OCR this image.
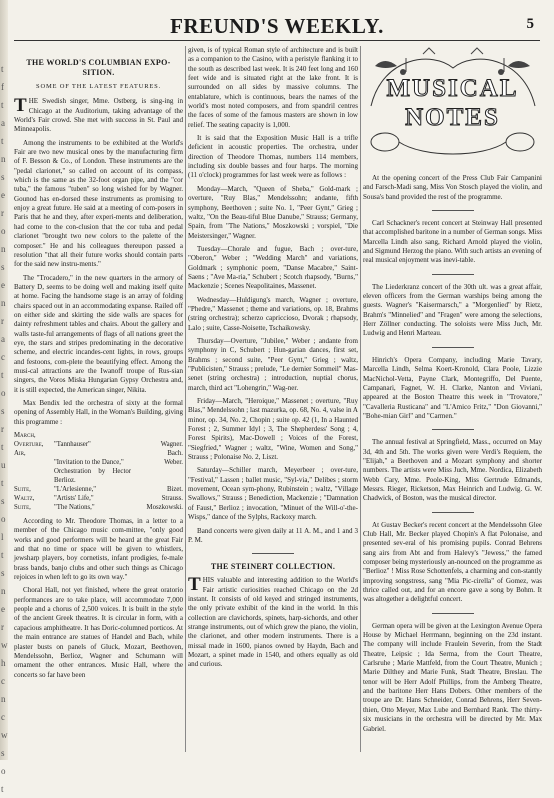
t
f
t
a
t
n
s
e
r
o
n
s
e
n
r
a
c
t
o
s
r
t
u
t
s
o
l
t
s
n
e
r
w
h
c
n
c
w
s
o
t
FREUND'S WEEKLY.	5
THE WORLD'S COLUMBIAN EXPO-SITION.
SOME OF THE LATEST FEATURES.

THE Swedish singer, Mme. Ostberg, is sing-ing in Chicago at the Auditorium, taking advantage of the World's Fair crowd. She met with success in St. Paul and Minneapolis.

Among the instruments to be exhibited at the World's Fair are two new musical ones by the manufacturing firm of F. Besson & Co., of London. These instruments are the "pedal clarionet," so called on account of its compass, which is the same as the 32-foot organ pipe, and the "cor tuba," the famous "tuben" so long wished for by Wagner. Gounod has en-dorsed these instruments as promising to enjoy a great future. He said at a meeting of com-posers in Paris that he and they, after experi-ments and deliberation, had come to the con-clusion that the cor tuba and pedal clarionet "brought two new colors to the palette of the composer." He and his colleagues thereupon passed a resolution "that all their future works should contain parts for the said new instru-ments."

The "Trocadero," in the new quarters in the armory of Battery D, seems to be doing well and making itself quite at home. Facing the handsome stage is an array of folding chairs spaced out in an accommodating expanse. Railed off on either side and skirting the side walls are spaces for dainty refreshment tables and chairs. About the gallery and walls taste-ful arrangements of flags of all nations greet the eye, the stars and stripes predominating in the decorative scheme, and electric incandes-cent lights, in rows, groups and festoons, com-plete the beautifying effect. Among the musi-cal attractions are the Iwanoff troupe of Rus-sian singers, the Voros Miska Hungarian Gypsy Orchestra and, it is still expected, the American singer, Nikita.

Max Bendix led the orchestra of sixty at the formal opening of Assembly Hall, in the Woman's Building, giving this programme :

March,		
Overture,	"Tannhauser"	Wagner.
Air,		Bach.
	"Invitation to the Dance,"	Weber.
	Orchestration by Hector Berlioz.	
Suite,	"L'Arlesienne,"	Bizet.
Waltz,	"Artists' Life,"	Strauss.
Suite,	"The Nations,"	Moszkowski.

According to Mr. Theodore Thomas, in a letter to a member of the Chicago music com-mittee, "only good works and good performers will be heard at the great Fair and that no time or space will be given to whistlers, jewsharp players, boy cornetists, infant prodigies, fe-male brass bands, banjo clubs and other such things as Chicago rejoices in when left to go its own way."

Choral Hall, not yet finished, where the great oratorio performances are to take place, will accommodate 7,000 people and a chorus of 2,500 voices. It is built in the style of the ancient Greek theatres. It is circular in form, with a capacious amphitheatre. It has Doric-columned porticos. At the main entrance are statues of Handel and Bach, while plaster busts on panels of Gluck, Mozart, Beethoven, Mendelssohn, Berlioz, Wagner and Schumann will ornament the other entrances. Music Hall, where the concerts so far have been

given, is of typical Roman style of architecture and is built as a companion to the Casino, with a peristyle flanking it to the south as described last week. It is 240 feet long and 160 feet wide and is situated right at the lake front. It is surrounded on all sides by massive columns. The entablature, which is continuous, bears the names of the world's most noted composers, and from spandril centres the faces of some of the famous masters are shown in low relief. The seating capacity is 1,000.

It is said that the Exposition Music Hall is a trifle deficient in acoustic properties. The orchestra, under direction of Theodore Thomas, numbers 114 members, including six double basses and four harps. The morning (11 o'clock) programmes for last week were as follows :

Monday—March, "Queen of Sheba," Gold-mark ; overture, "Ruy Blas," Mendelssohn; andante, fifth symphony, Beethoven ; suite No. 1, "Peer Gynt," Grieg ; waltz, "On the Beau-tiful Blue Danube," Strauss; Germany, Spain, from "The Nations," Moszkowski ; vorspiel, "Die Meistersinger," Wagner.

Tuesday—Chorale and fugue, Bach ; over-ture, "Oberon," Weber ; "Wedding March" and variations, Goldmark ; symphonic poem, "Danse Macabre," Saint-Saens ; "Ave Ma-ria," Schubert ; Scotch rhapsody, "Burns," Mackenzie ; Scenes Neapolitaines, Massenet.

Wednesday—Huldigung's march, Wagner ; overture, "Phedre," Massenet ; theme and variations, op. 18, Brahms (string orchestra); scherzo capriccioso, Dvorak ; rhapsody, Lalo ; suite, Casse-Noisette, Tschaikowsky.

Thursday—Overture, "Jubilee," Weber ; andante from symphony in C, Schubert ; Hun-garian dances, first set, Brahms ; second suite, "Peer Gynt," Grieg ; waltz, "Publicisten," Strauss ; prelude, "Le dernier Sommeil" Mas-senet (string orchestra) ; introduction, nuptial chorus, march, third act "Lohengrin," Wag-ner.

Friday—March, "Heroique," Massenet ; overture, "Ruy Blas," Mendelssohn ; last mazurka, op. 68, No. 4, valse in A minor, op. 34, No. 2, Chopin ; suite op. 42 (1, In a Haunted Forest ; 2, Summer Idyl ; 3, The Shepherdess' Song ; 4, Forest Spirits), Mac-Dowell ; Voices of the Forest, "Siegfried," Wagner ; waltz, "Wine, Women and Song," Strauss ; Polonaise No. 2, Liszt.

Saturday—Schiller march, Meyerbeer ; over-ture, "Festival," Lassen ; ballet music, "Syl-via," Delibes ; storm movement, Ocean sym-phony, Rubinstein ; waltz, "Village Swallows," Strauss ; Benediction, Mackenzie ; "Damnation of Faust," Berlioz ; invocation, "Minuet of the Will-o'-the-Wisps," dance of the Sylphs, Rackoxy march.

Band concerts were given daily at 11 A. M., and 1 and 3 P. M.

THE STEINERT COLLECTION.

THIS valuable and interesting addition to the World's Fair artistic curiosities reached Chicago on the 2d instant. It consists of old keyed and stringed instruments, the only private exhibit of the kind in the world. In this collection are clavichords, spinets, harp-sichords, and other strange instruments, out of which grew the piano, the violin, the clarionet, and other modern instruments. There is a missal made in 1600, pianos owned by Haydn, Bach and Mozart, a spinet made in 1540, and others equally as old and curious.

MUSICAL NOTES

At the opening concert of the Press Club Fair Campanini and Farsch-Madi sang, Miss Von Stosch played the violin, and Sousa's band provided the rest of the programme.

Carl Schackner's recent concert at Steinway Hall presented that accomplished baritone in a number of German songs. Miss Marcella Lindh also sang, Richard Arnold played the violin, and Sigmund Herzog the piano. With such artists an evening of real musical enjoyment was inevi-table.

The Liederkranz concert of the 30th ult. was a great affair, eleven officers from the German warships being among the guests. Wagner's "Kaisermarsch," a "Morgenlied" by Rietz, Brahm's "Minnelied" and "Fragen" were among the selections, Herr Zöllner conducting. The soloists were Miss Juch, Mr. Ludwig and Henri Marteau.

Hinrich's Opera Company, including Marie Tavary, Marcella Lindh, Selma Koert-Kronold, Clara Poole, Lizzie MacNichol-Vetta, Payne Clark, Montegriffo, Del Puente, Campanari, Fagnet, W. H. Clarke, Nanton and Viviani, appeared at the Boston Theatre this week in "Trovatore," "Cavalleria Rusticana" and "L'Amico Fritz," "Don Giovanni," "Bohe-mian Girl" and "Carmen."

The annual festival at Springfield, Mass., occurred on May 3d, 4th and 5th. The works given were Verdi's Requiem, the "Elijah," a Beethoven and a Mozart symphony and shorter numbers. The artists were Miss Juch, Mme. Nordica, Elizabeth Webb Cary, Mme. Poole-King, Miss Gertrude Edmands, Messrs. Rieger, Ricketson, Max Heinrich and Ludwig. G. W. Chadwick, of Boston, was the musical director.

At Gustav Becker's recent concert at the Mendelssohn Glee Club Hall, Mr. Becker played Chopin's A flat Polonaise, and presented sev-eral of his promising pupils. Conrad Behrens sang airs from Abt and from Halevy's "Jewess," the famed composer being mysteriously an-nounced on the programme as "Berlioz" ! Miss Rose Schottenfels, a charming and con-stantly improving songstress, sang "Mia Pic-cirella" of Gomez, was thrice called out, and for an encore gave a song by Bohm. It was altogether a delightful concert.

German opera will be given at the Lexington Avenue Opera House by Michael Herrmann, beginning on the 23d instant. The company will include Fraulein Severin, from the Stadt Theatre, Leipsic ; Ida Serma, from the Court Theatre, Carlsruhe ; Marie Mattfeld, from the Court Theatre, Munich ; Marie Dilthey and Marie Funk, Stadt Theatre, Breslau. The tenor will be Herr Adolf Phillips, from the Amberg Theatre, and the baritone Herr Hans Dobers. Other members of the troupe are Dr. Hans Schneider, Conrad Behrens, Herr Seven-thien, Otto Meyer, Max Lube and Bernhard Rank. The thirty-six musicians in the orchestra will be directed by Mr. Max Gabriel.
